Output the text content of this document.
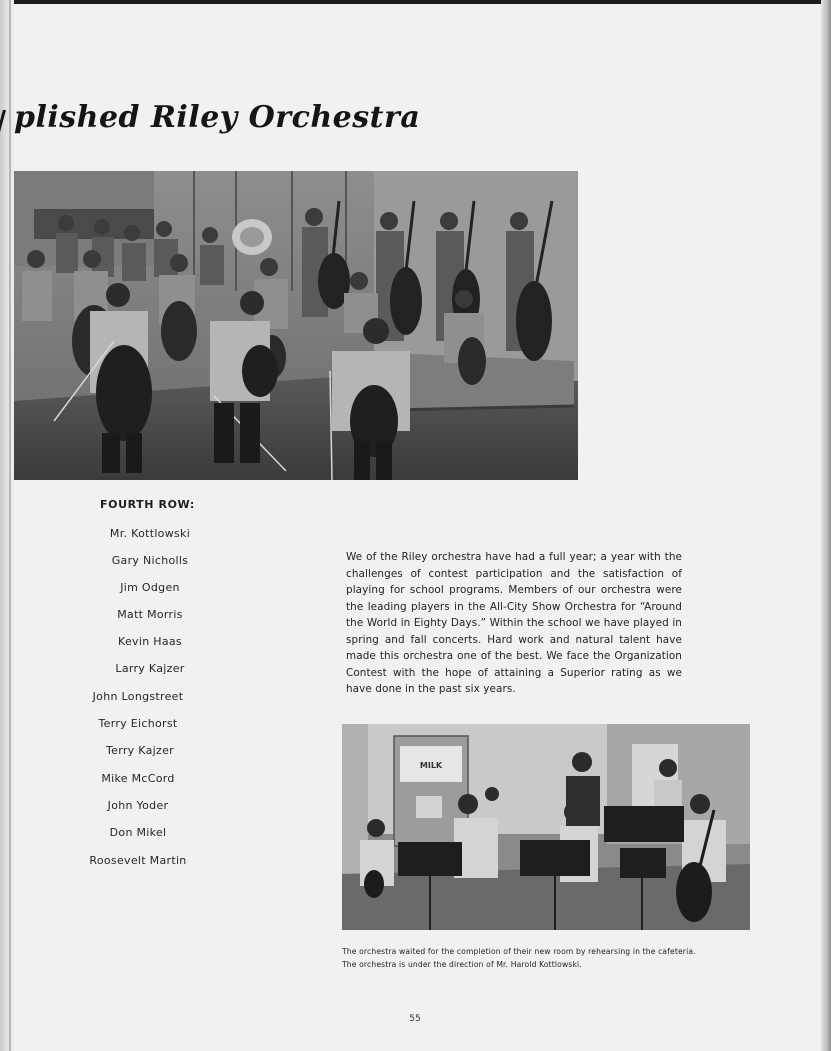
plished Riley Orchestra
FOURTH ROW:
Mr. Kottlowski
Gary Nicholls
Jim Odgen
Matt Morris
Kevin Haas
Larry Kajzer
John Longstreet
Terry Eichorst
Terry Kajzer
Mike McCord
John Yoder
Don Mikel
Roosevelt Martin
We of the Riley orchestra have had a full year; a year with the challenges of contest participation and the satisfaction of playing for school programs. Members of our orchestra were the leading players in the All-City Show Orchestra for “Around the World in Eighty Days.” Within the school we have played in spring and fall concerts. Hard work and natural talent have made this orchestra one of the best. We face the Organization Contest with the hope of attaining a Superior rating as we have done in the past six years.
MILK
The orchestra waited for the completion of their new room by rehearsing in the cafeteria.
The orchestra is under the direction of Mr. Harold Kottlowski.
55
